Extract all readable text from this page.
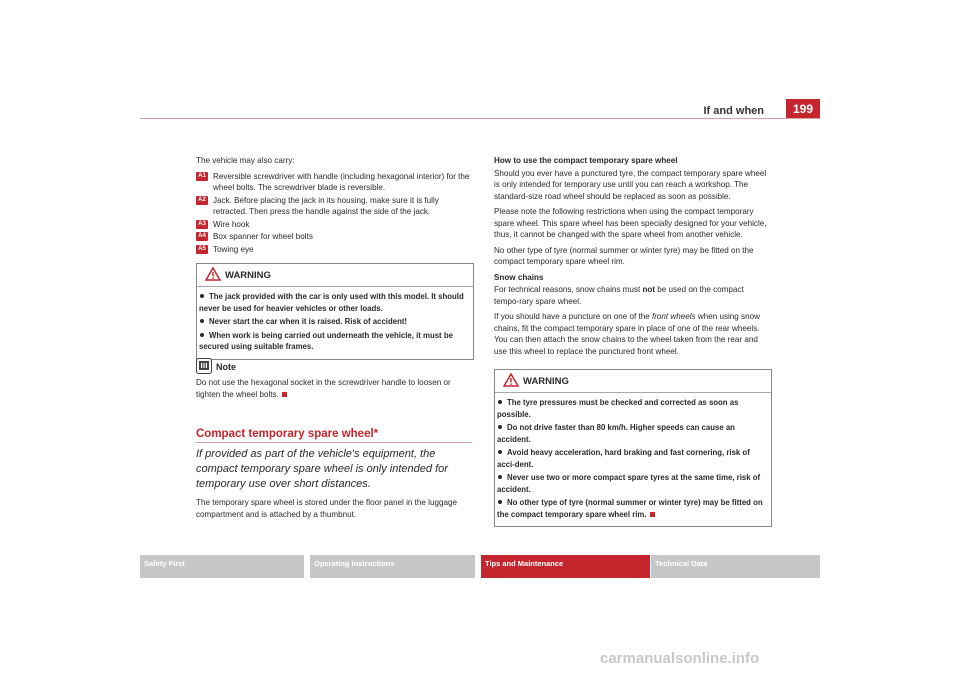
If and when	199

The vehicle may also carry:

A1 Reversible screwdriver with handle (including hexagonal interior) for the wheel bolts. The screwdriver blade is reversible.
A2 Jack. Before placing the jack in its housing, make sure it is fully retracted. Then press the handle against the side of the jack.
A3 Wire hook
A4 Box spanner for wheel bolts
A5 Towing eye
WARNING
The jack provided with the car is only used with this model. It should never be used for heavier vehicles or other loads.
Never start the car when it is raised. Risk of accident!
When work is being carried out underneath the vehicle, it must be secured using suitable frames.
Note

Do not use the hexagonal socket in the screwdriver handle to loosen or tighten the wheel bolts.

Compact temporary spare wheel*
If provided as part of the vehicle's equipment, the compact temporary spare wheel is only intended for temporary use over short distances.

The temporary spare wheel is stored under the floor panel in the luggage compartment and is attached by a thumbnut.

How to use the compact temporary spare wheel

Should you ever have a punctured tyre, the compact temporary spare wheel is only intended for temporary use until you can reach a workshop. The standard-size road wheel should be replaced as soon as possible.

Please note the following restrictions when using the compact temporary spare wheel. This spare wheel has been specially designed for your vehicle, thus, it cannot be changed with the spare wheel from another vehicle.

No other type of tyre (normal summer or winter tyre) may be fitted on the compact temporary spare wheel rim.

Snow chains

For technical reasons, snow chains must not be used on the compact tempo-rary spare wheel.

If you should have a puncture on one of the front wheels when using snow chains, fit the compact temporary spare in place of one of the rear wheels. You can then attach the snow chains to the wheel taken from the rear and use this wheel to replace the punctured front wheel.

WARNING
The tyre pressures must be checked and corrected as soon as possible.
Do not drive faster than 80 km/h. Higher speeds can cause an accident.
Avoid heavy acceleration, hard braking and fast cornering, risk of acci-dent.
Never use two or more compact spare tyres at the same time, risk of accident.
No other type of tyre (normal summer or winter tyre) may be fitted on the compact temporary spare wheel rim.
Safety First	Operating instructions	Tips and Maintenance	Technical Data
carmanualsonline.info
